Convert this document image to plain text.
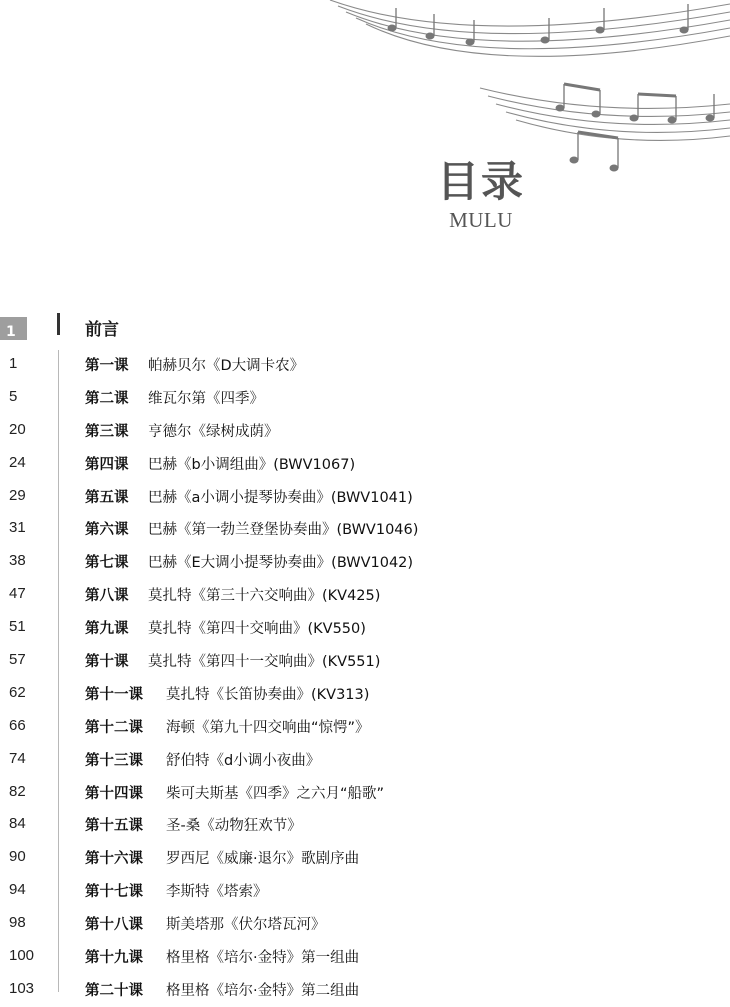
目录
MULU
1	前言
1	第一课 帕赫贝尔《D大调卡农》
5	第二课 维瓦尔第《四季》
20	第三课 亨德尔《绿树成荫》
24	第四课 巴赫《b小调组曲》(BWV1067)
29	第五课 巴赫《a小调小提琴协奏曲》(BWV1041)
31	第六课 巴赫《第一勃兰登堡协奏曲》(BWV1046)
38	第七课 巴赫《E大调小提琴协奏曲》(BWV1042)
47	第八课 莫扎特《第三十六交响曲》(KV425)
51	第九课 莫扎特《第四十交响曲》(KV550)
57	第十课 莫扎特《第四十一交响曲》(KV551)
62	第十一课 莫扎特《长笛协奏曲》(KV313)
66	第十二课 海顿《第九十四交响曲“惊愕”》
74	第十三课 舒伯特《d小调小夜曲》
82	第十四课 柴可夫斯基《四季》之六月“船歌”
84	第十五课 圣-桑《动物狂欢节》
90	第十六课 罗西尼《威廉·退尔》歌剧序曲
94	第十七课 李斯特《塔索》
98	第十八课 斯美塔那《伏尔塔瓦河》
100	第十九课 格里格《培尔·金特》第一组曲
103	第二十课 格里格《培尔·金特》第二组曲
